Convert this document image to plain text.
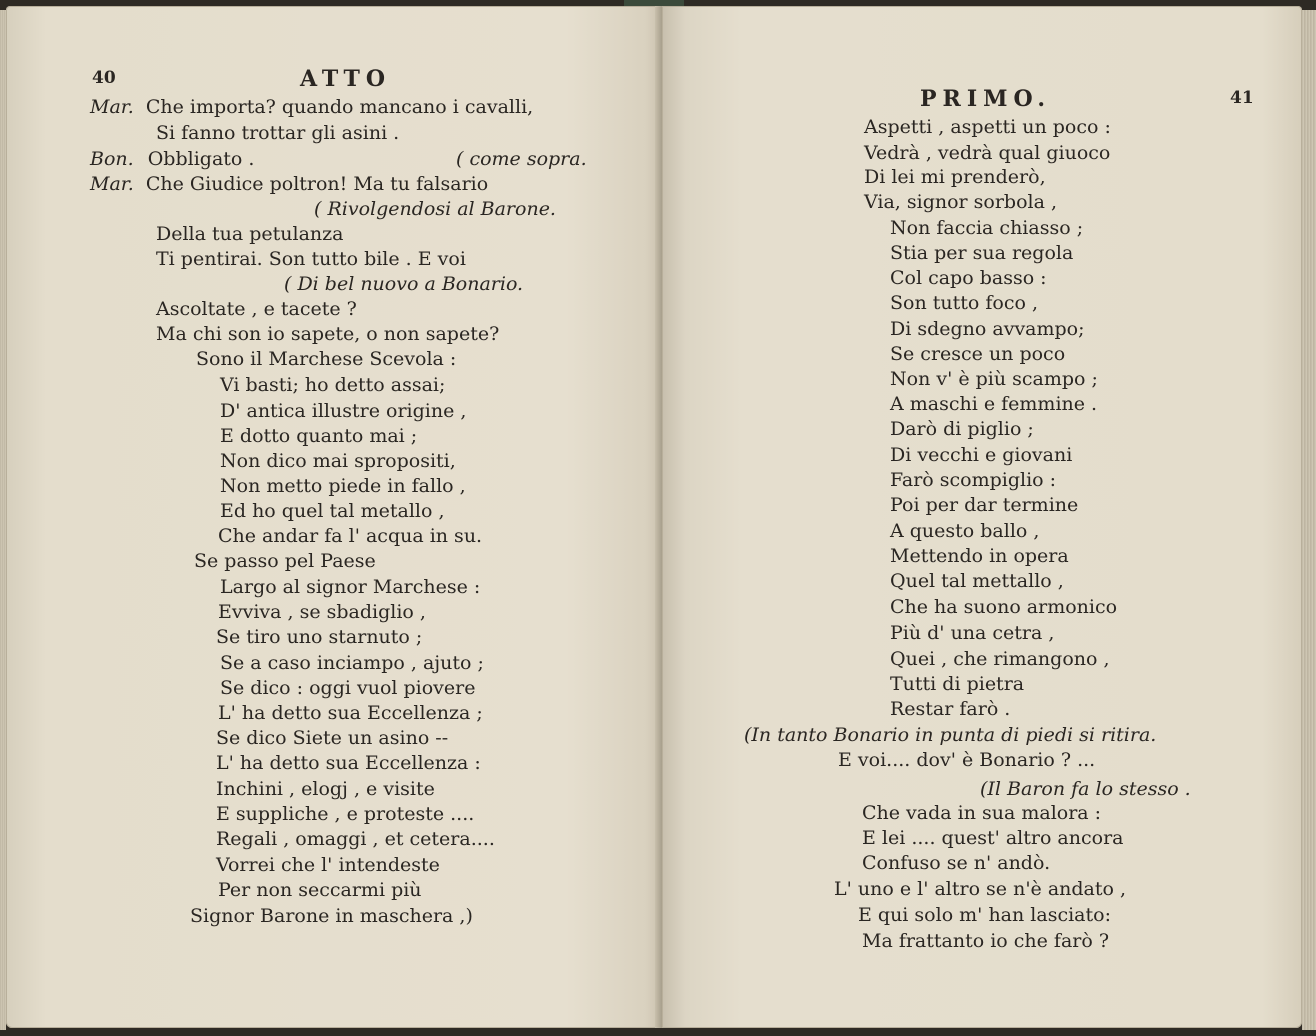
40	ATTO
Mar. Che importa? quando mancano i cavalli,
Si fanno trottar gli asini .
Bon. Obbligato .	( come sopra.
Mar. Che Giudice poltron! Ma tu falsario
( Rivolgendosi al Barone.
Della tua petulanza
Ti pentirai. Son tutto bile . E voi
( Di bel nuovo a Bonario.
Ascoltate , e tacete ?
Ma chi son io sapete, o non sapete?
Sono il Marchese Scevola :
Vi basti; ho detto assai;
D' antica illustre origine ,
E dotto quanto mai ;
Non dico mai spropositi,
Non metto piede in fallo ,
Ed ho quel tal metallo ,
Che andar fa l' acqua in su.
Se passo pel Paese
Largo al signor Marchese :
Evviva , se sbadiglio ,
Se tiro uno starnuto ;
Se a caso inciampo , ajuto ;
Se dico : oggi vuol piovere
L' ha detto sua Eccellenza ;
Se dico Siete un asino --
L' ha detto sua Eccellenza :
Inchini , elogj , e visite
E suppliche , e proteste ....
Regali , omaggi , et cetera....
Vorrei che l' intendeste
Per non seccarmi più
Signor Barone in maschera ,)
PRIMO.	41
Aspetti , aspetti un poco :
Vedrà , vedrà qual giuoco
Di lei mi prenderò,
Via, signor sorbola ,
Non faccia chiasso ;
Stia per sua regola
Col capo basso :
Son tutto foco ,
Di sdegno avvampo;
Se cresce un poco
Non v' è più scampo ;
A maschi e femmine .
Darò di piglio ;
Di vecchi e giovani
Farò scompiglio :
Poi per dar termine
A questo ballo ,
Mettendo in opera
Quel tal mettallo ,
Che ha suono armonico
Più d' una cetra ,
Quei , che rimangono ,
Tutti di pietra
Restar farò .
(In tanto Bonario in punta di piedi si ritira.
E voi.... dov' è Bonario ? ...
(Il Baron fa lo stesso .
Che vada in sua malora :
E lei .... quest' altro ancora
Confuso se n' andò.
L' uno e l' altro se n'è andato ,
E qui solo m' han lasciato:
Ma frattanto io che farò ?
